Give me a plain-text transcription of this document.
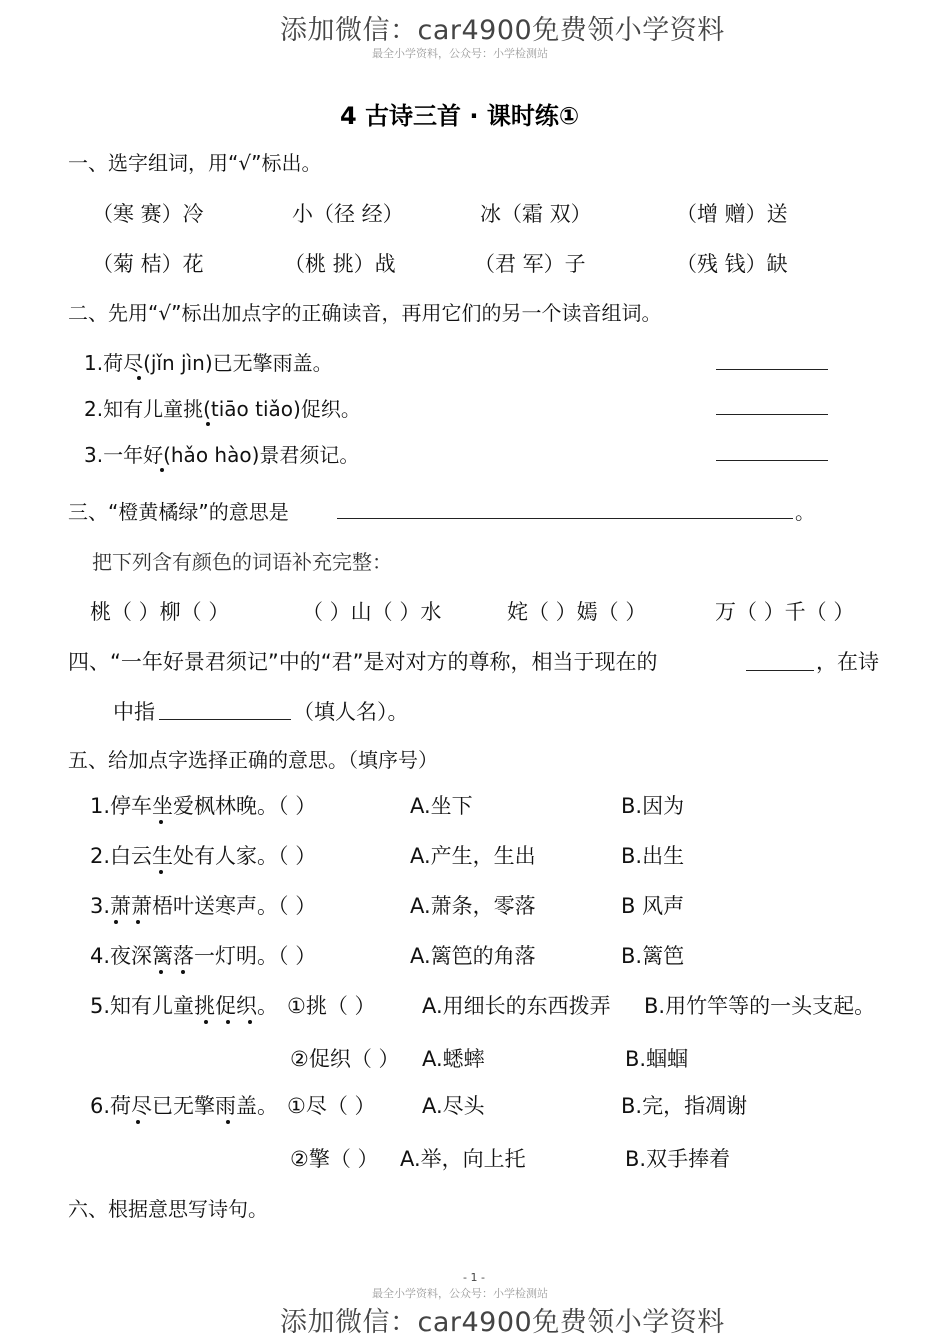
添加微信：car4900免费领小学资料
最全小学资料，公众号：小学检测站
4 古诗三首 · 课时练①
一、选字组词，用“√”标出。
（寒 赛）冷	小（径 经）	冰（霜 双）	（增 赠）送
（菊 桔）花	（桃 挑）战	（君 军）子	（残 钱）缺
二、先用“√”标出加点字的正确读音，再用它们的另一个读音组词。
1.荷尽(jǐn jìn)已无擎雨盖。
2.知有儿童挑(tiāo tiǎo)促织。
3.一年好(hǎo hào)景君须记。
三、“橙黄橘绿”的意思是	。
把下列含有颜色的词语补充完整：
桃（ ）柳（ ）	（ ）山（ ）水	姹（ ）嫣（ ）	万（ ）千（ ）
四、“一年好景君须记”中的“君”是对对方的尊称，相当于现在的	，在诗
中指	（填人名）。
五、给加点字选择正确的意思。（填序号）
1.停车坐爱枫林晚。（ ）	A.坐下	B.因为
2.白云生处有人家。（ ）	A.产生，生出	B.出生
3.萧萧梧叶送寒声。（ ）	A.萧条，零落	B 风声
4.夜深篱落一灯明。（ ）	A.篱笆的角落	B.篱笆
5.知有儿童挑促织。 ①挑（ ） A.用细长的东西拨弄 B.用竹竿等的一头支起。
②促织（ ） A.蟋蟀	B.蝈蝈
6.荷尽已无擎雨盖。 ①尽（ ） A.尽头	B.完，指凋谢
②擎（ ） A.举，向上托	B.双手捧着
六、根据意思写诗句。
- 1 -
最全小学资料，公众号：小学检测站
添加微信：car4900免费领小学资料
